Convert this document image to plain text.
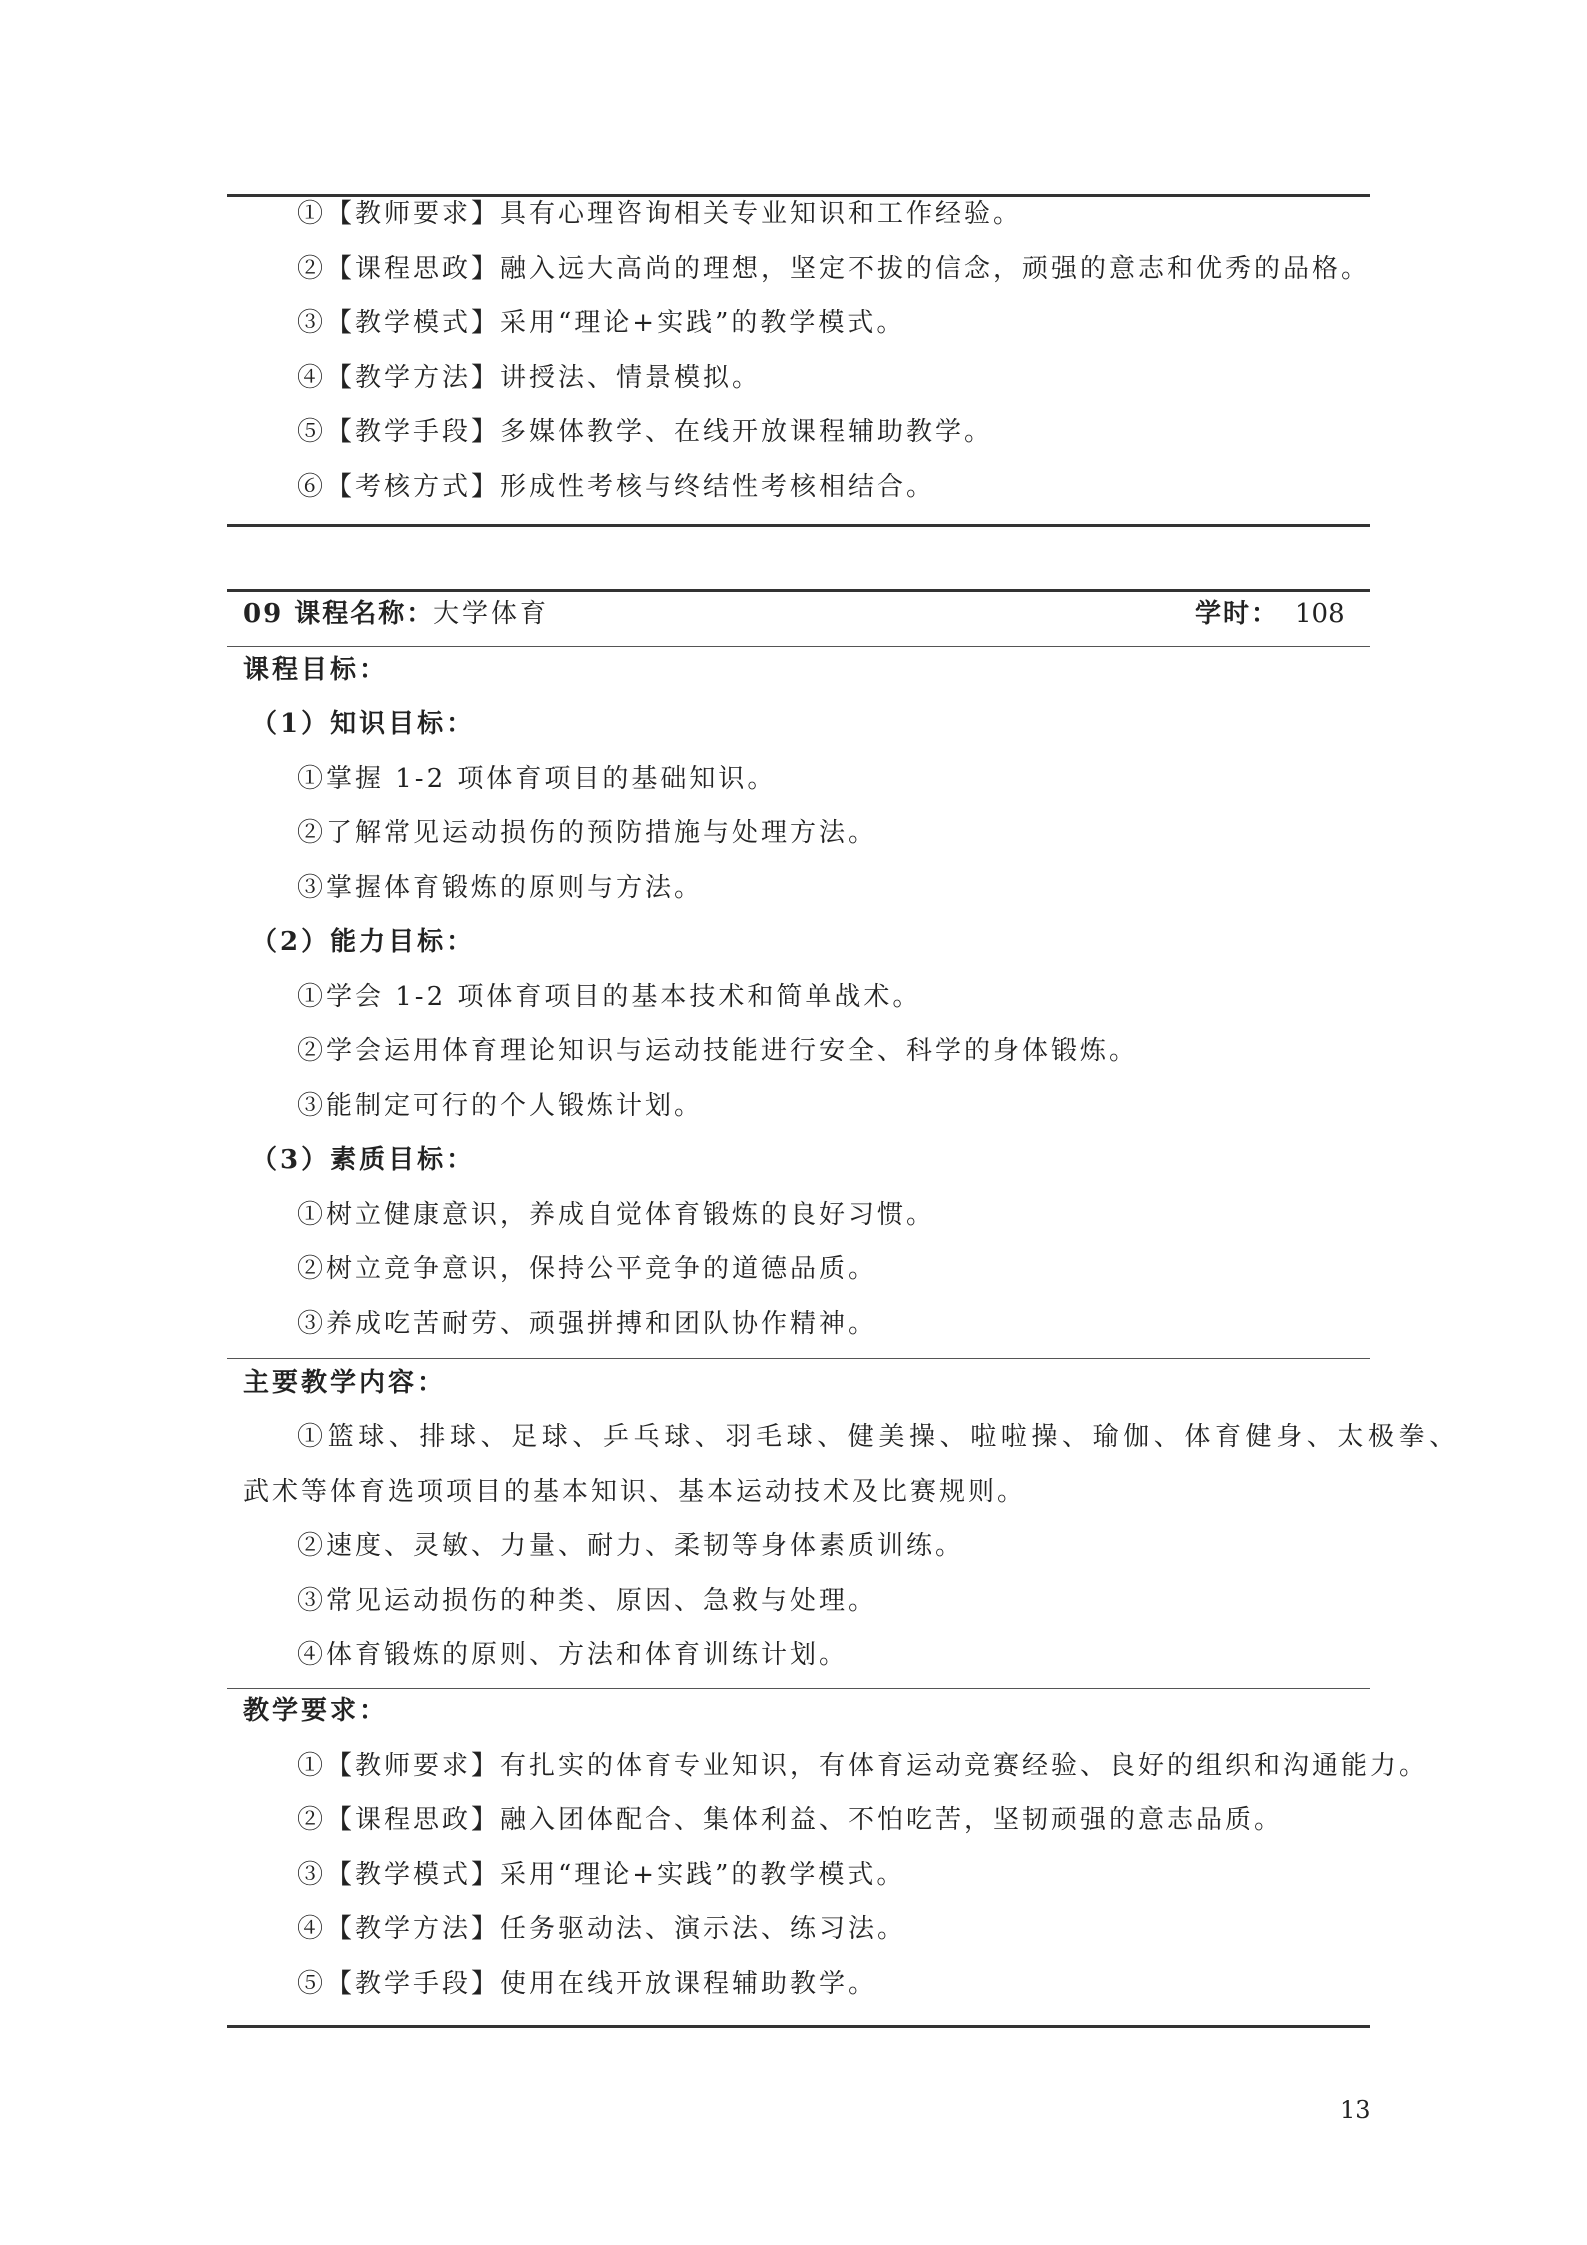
①【教师要求】具有心理咨询相关专业知识和工作经验。
②【课程思政】融入远大高尚的理想，坚定不拔的信念，顽强的意志和优秀的品格。
③【教学模式】采用“理论+实践”的教学模式。
④【教学方法】讲授法、情景模拟。
⑤【教学手段】多媒体教学、在线开放课程辅助教学。
⑥【考核方式】形成性考核与终结性考核相结合。
09 课程名称：
大学体育	学时： 108
课程目标：
（1）知识目标：
①掌握 1-2 项体育项目的基础知识。
②了解常见运动损伤的预防措施与处理方法。
③掌握体育锻炼的原则与方法。
（2）能力目标：
①学会 1-2 项体育项目的基本技术和简单战术。
②学会运用体育理论知识与运动技能进行安全、科学的身体锻炼。
③能制定可行的个人锻炼计划。
（3）素质目标：
①树立健康意识，养成自觉体育锻炼的良好习惯。
②树立竞争意识，保持公平竞争的道德品质。
③养成吃苦耐劳、顽强拼搏和团队协作精神。
主要教学内容：
①篮球、排球、足球、乒乓球、羽毛球、健美操、啦啦操、瑜伽、体育健身、太极拳、
武术等体育选项项目的基本知识、基本运动技术及比赛规则。
②速度、灵敏、力量、耐力、柔韧等身体素质训练。
③常见运动损伤的种类、原因、急救与处理。
④体育锻炼的原则、方法和体育训练计划。
教学要求：
①【教师要求】有扎实的体育专业知识，有体育运动竞赛经验、良好的组织和沟通能力。
②【课程思政】融入团体配合、集体利益、不怕吃苦，坚韧顽强的意志品质。
③【教学模式】采用“理论+实践”的教学模式。
④【教学方法】任务驱动法、演示法、练习法。
⑤【教学手段】使用在线开放课程辅助教学。
13
